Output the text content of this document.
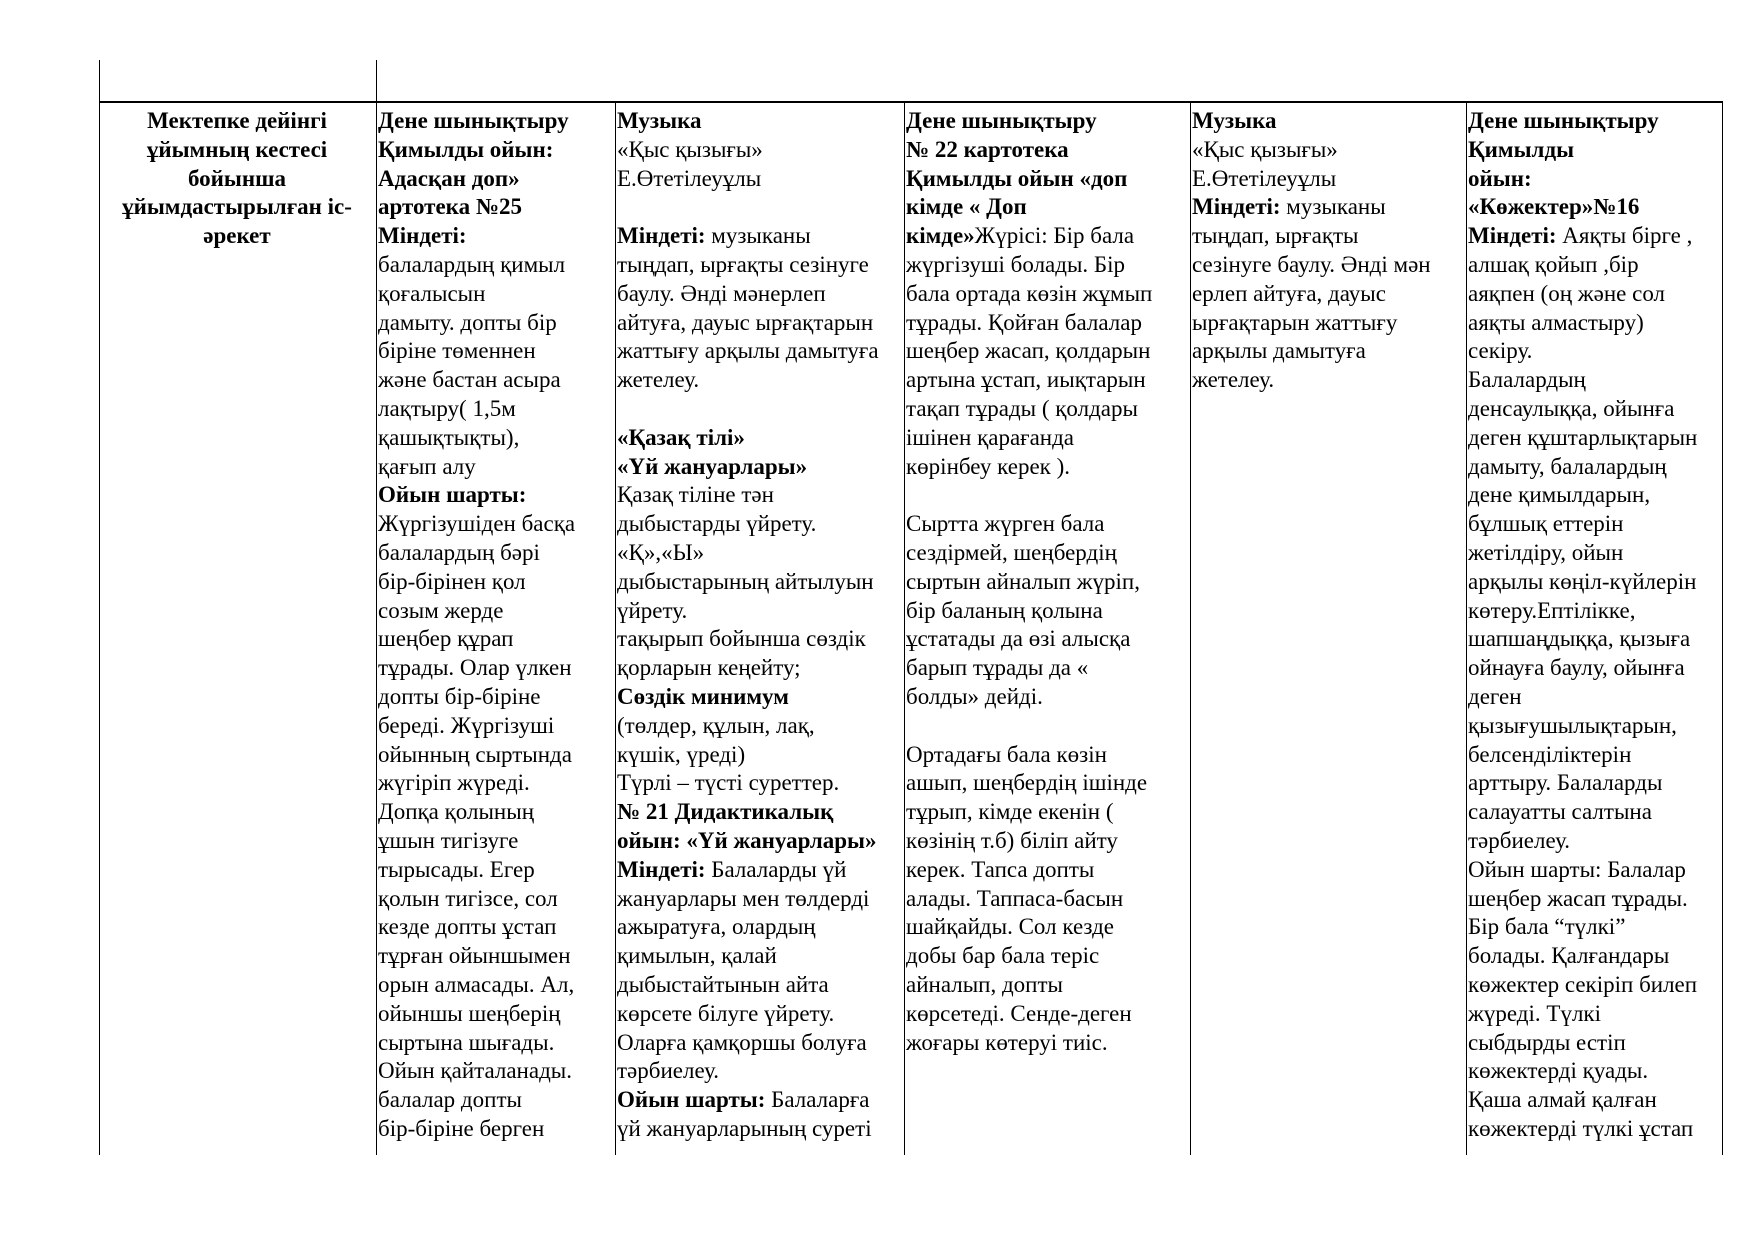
Мектепке дейінгі ұйымның кестесі бойынша ұйымдастырылған іс-әрекет

Дене шынықтыру

Қимылды ойын:

Адасқан доп»

артотека №25

Міндеті:

балалардың қимыл

қоғалысын

дамыту. допты бір

біріне төменнен

және бастан асыра

лақтыру( 1,5м

қашықтықты),

қағып алу

Ойын шарты:

Жүргізушіден басқа

балалардың бәрі

бір-бірінен қол

созым жерде

шеңбер құрап

тұрады. Олар үлкен

допты бір-біріне

береді. Жүргізуші

ойынның сыртында

жүгіріп жүреді.

Допқа қолының

ұшын тигізуге

тырысады. Егер

қолын тигізсе, сол

кезде допты ұстап

тұрған ойыншымен

орын алмасады. Ал,

ойыншы шеңберің

сыртына шығады.

Ойын қайталанады.

балалар допты

бір-біріне берген

Музыка

«Қыс қызығы»

Е.Өтетілеуұлы

Міндеті: музыканы

тыңдап, ырғақты сезінуге

баулу. Әнді мәнерлеп

айтуға, дауыс ырғақтарын

жаттығу арқылы дамытуға

жетелеу.

«Қазақ тілі»

«Үй жануарлары»

Қазақ тіліне тән

дыбыстарды үйрету.

«Қ»,«Ы»

дыбыстарының айтылуын

үйрету.

тақырып бойынша сөздік

қорларын кеңейту;

Сөздік минимум

(төлдер, құлын, лақ,

күшік, үреді)

Түрлі – түсті суреттер.

№ 21 Дидактикалық

ойын: «Үй жануарлары»

Міндеті: Балаларды үй

жануарлары мен төлдерді

ажыратуға, олардың

қимылын, қалай

дыбыстайтынын айта

көрсете білуге үйрету.

Оларға қамқоршы болуға

тәрбиелеу.

Ойын шарты: Балаларға

үй жануарларының суреті

Дене шынықтыру

№ 22 картотека

Қимылды ойын «доп

кімде « Доп

кімде»Жүрісі: Бір бала

жүргізуші болады. Бір

бала ортада көзін жұмып

тұрады. Қойған балалар

шеңбер жасап, қолдарын

артына ұстап, иықтарын

тақап тұрады ( қолдары

ішінен қарағанда

көрінбеу керек ).

Сыртта жүрген бала

сездірмей, шеңбердің

сыртын айналып жүріп,

бір баланың қолына

ұстатады да өзі алысқа

барып тұрады да «

болды» дейді.

Ортадағы бала көзін

ашып, шеңбердің ішінде

тұрып, кімде екенін (

көзінің т.б) біліп айту

керек. Тапса допты

алады. Таппаса-басын

шайқайды. Сол кезде

добы бар бала теріс

айналып, допты

көрсетеді. Сенде-деген

жоғары көтеруі тиіс.

Музыка

«Қыс қызығы»

Е.Өтетілеуұлы

Міндеті: музыканы

тыңдап, ырғақты

сезінуге баулу. Әнді мән

ерлеп айтуға, дауыс

ырғақтарын жаттығу

арқылы дамытуға

жетелеу.

Дене шынықтыру

Қимылды

ойын:

«Көжектер»№16

Міндеті: Аяқты бірге ,

алшақ қойып ,бір

аяқпен (оң және сол

аяқты алмастыру)

секіру.

Балалардың

денсаулыққа, ойынға

деген құштарлықтарын

дамыту, балалардың

дене қимылдарын,

бұлшық еттерін

жетілдіру, ойын

арқылы көңіл-күйлерін

көтеру.Ептілікке,

шапшаңдыққа, қызыға

ойнауға баулу, ойынға

деген

қызығушылықтарын,

белсенділіктерін

арттыру. Балаларды

салауатты салтына

тәрбиелеу.

Ойын шарты: Балалар

шеңбер жасап тұрады.

Бір бала “түлкі”

болады. Қалғандары

көжектер секіріп билеп

жүреді. Түлкі

сыбдырды естіп

көжектерді қуады.

Қаша алмай қалған

көжектерді түлкі ұстап
